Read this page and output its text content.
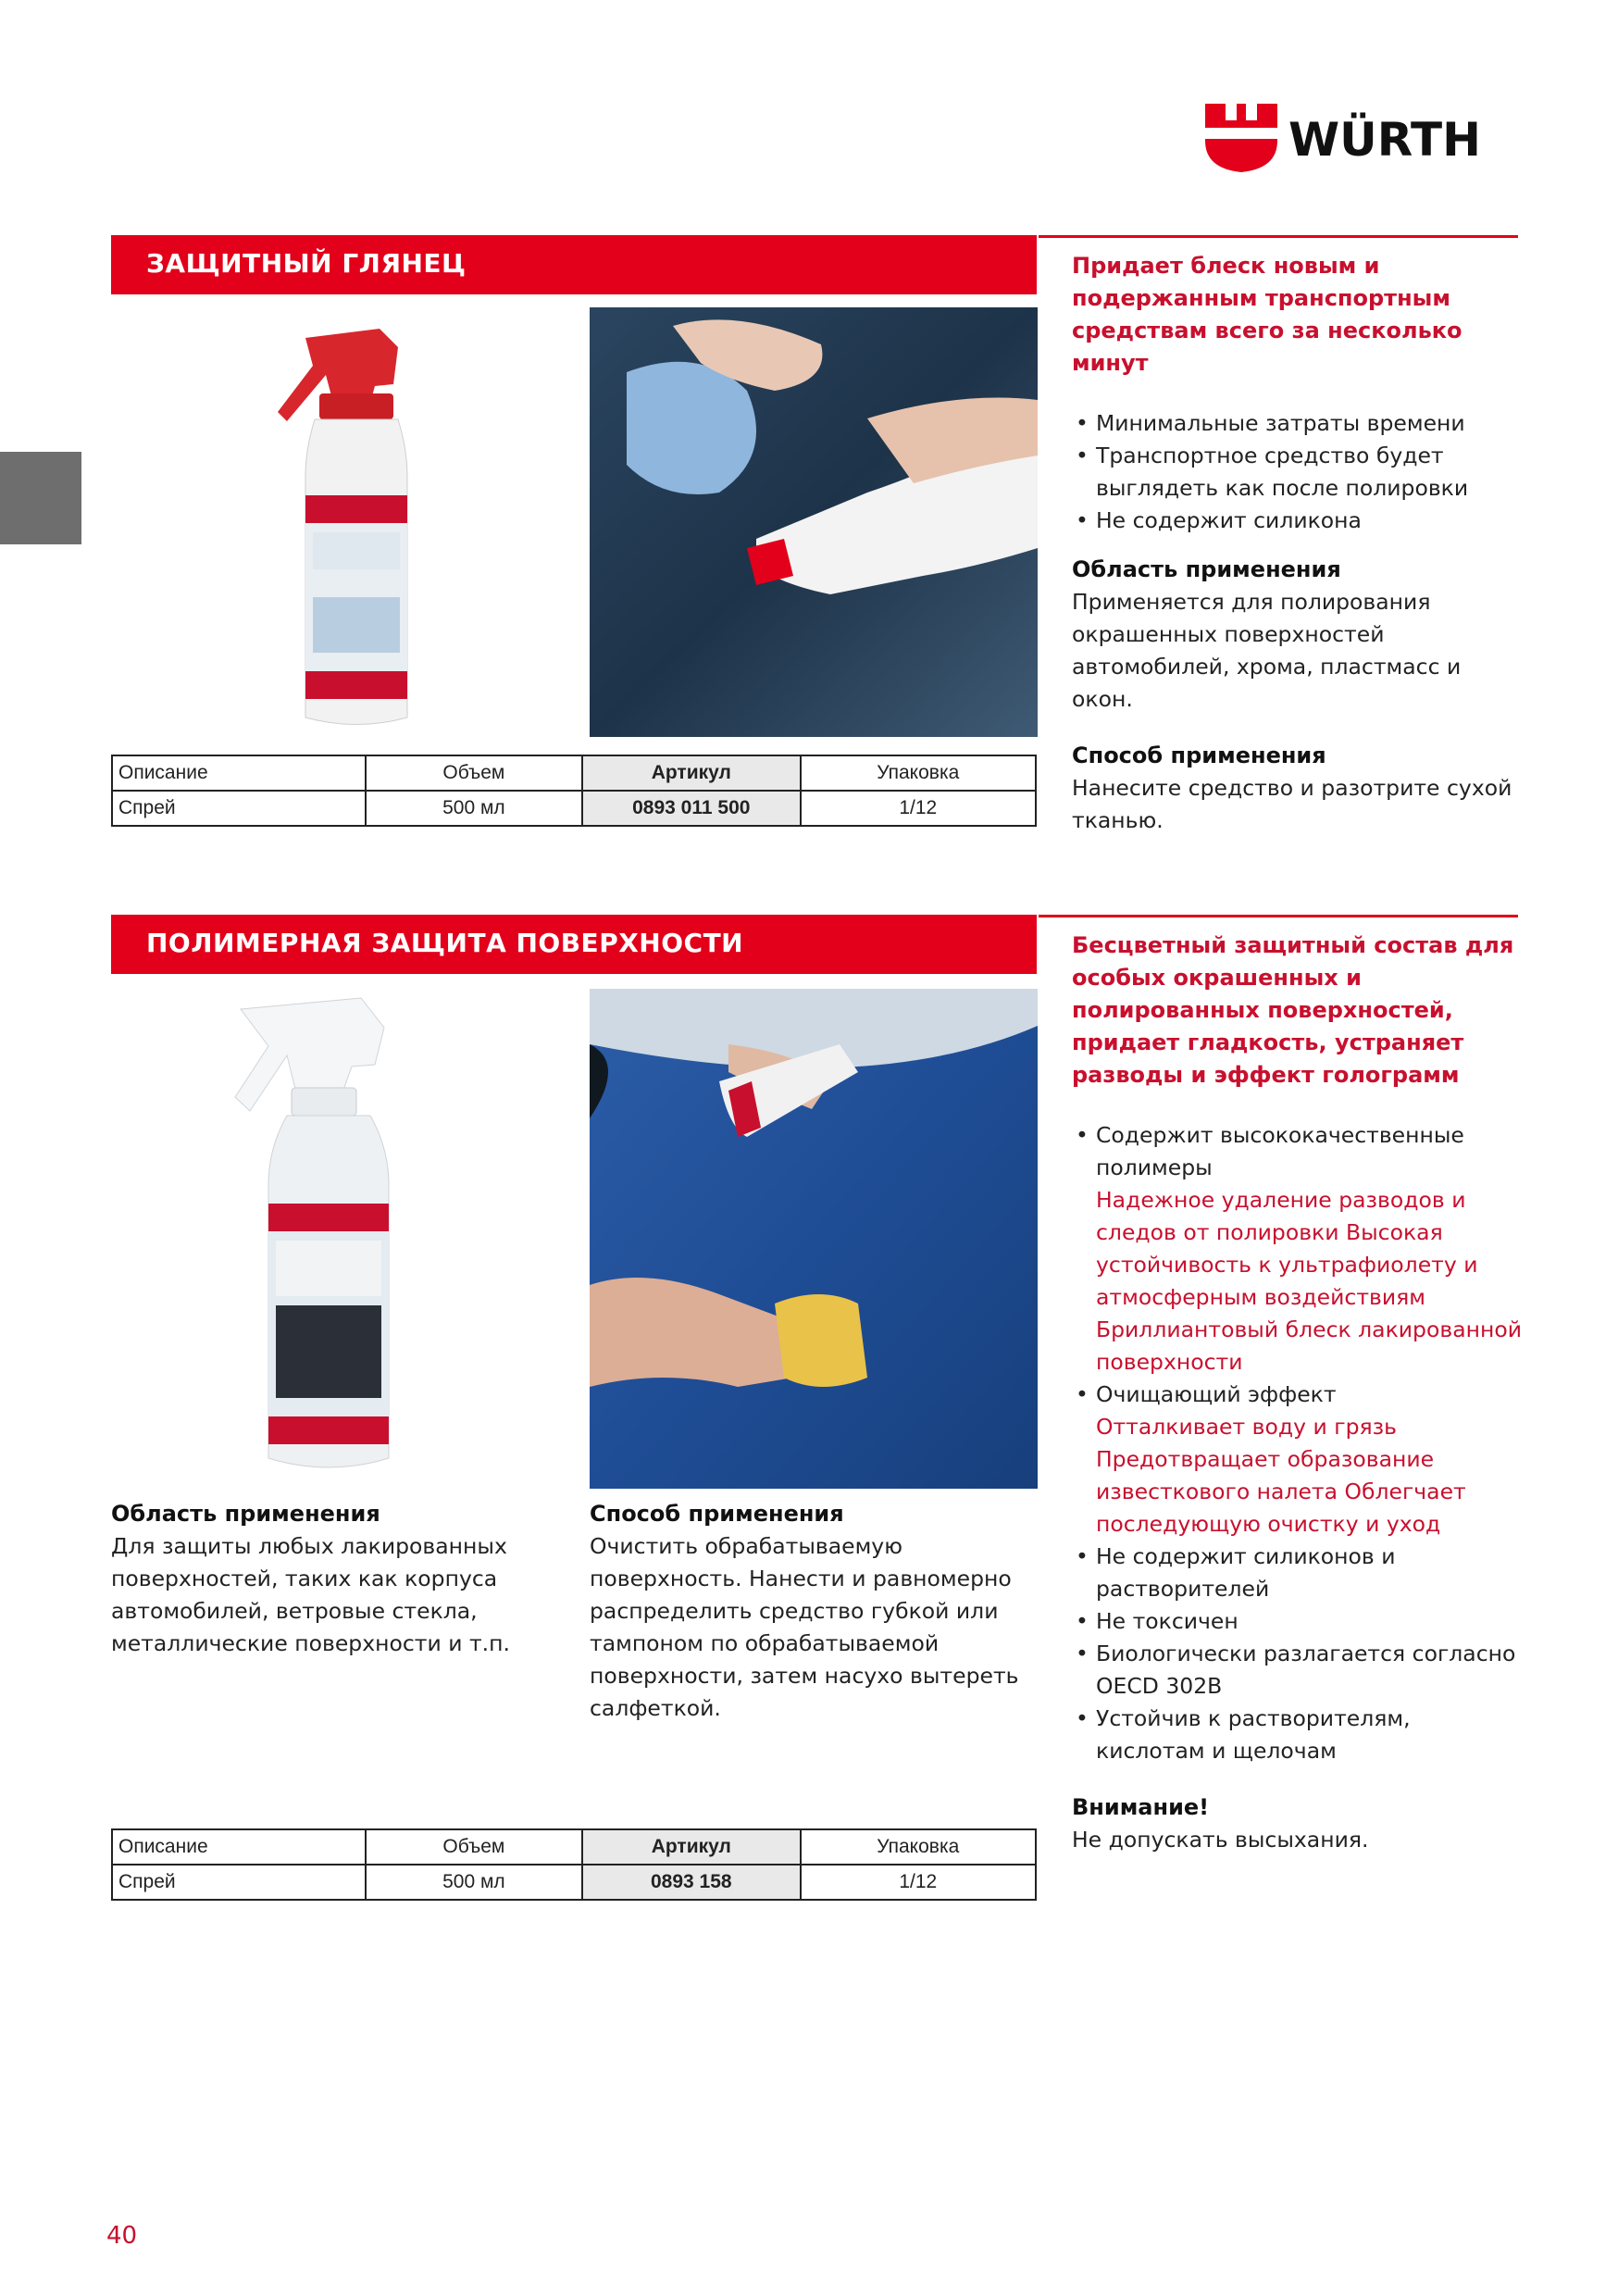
WÜRTH
ЗАЩИТНЫЙ ГЛЯНЕЦ
Описание	Объем	Артикул	Упаковка
Спрей	500 мл	0893 011 500	1/12
Придает блеск новым и подержанным транспортным средствам всего за несколько минут
• Минимальные затраты времени
• Транспортное средство будет выглядеть как после полировки
• Не содержит силикона
Область применения
Применяется для полирования окрашенных поверхностей автомобилей, хрома, пластмасс и окон.
Способ применения
Нанесите средство и разотрите сухой тканью.
ПОЛИМЕРНАЯ ЗАЩИТА ПОВЕРХНОСТИ
Область применения
Для защиты любых лакированных поверхностей, таких как корпуса автомобилей, ветровые стекла, металлические поверхности и т.п.
Способ применения
Очистить обрабатываемую поверхность. Нанести и равномерно распределить средство губкой или тампоном по обрабатываемой поверхности, затем насухо вытереть салфеткой.
Описание	Объем	Артикул	Упаковка
Спрей	500 мл	0893 158	1/12
Бесцветный защитный состав для особых окрашенных и полированных поверхностей, придает гладкость, устраняет разводы и эффект голограмм
• Содержит высококачественные полимеры
Надежное удаление разводов и следов от полировки Высокая устойчивость к ультрафиолету и атмосферным воздействиям Бриллиантовый блеск лакированной поверхности
• Очищающий эффект
Отталкивает воду и грязь Предотвращает образование известкового налета Облегчает последующую очистку и уход
• Не содержит силиконов и растворителей
• Не токсичен
• Биологически разлагается согласно OECD 302B
• Устойчив к растворителям, кислотам и щелочам
Внимание!
Не допускать высыхания.
40
